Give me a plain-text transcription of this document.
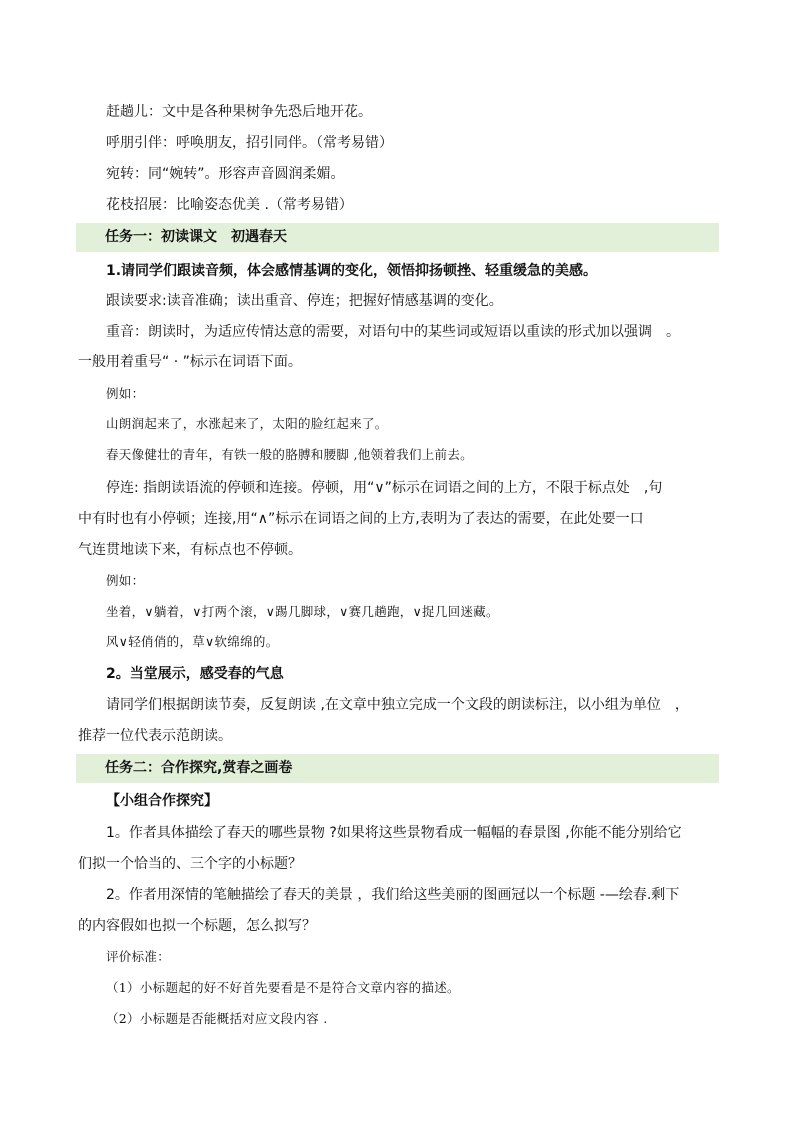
赶趟儿：文中是各种果树争先恐后地开花。
呼朋引伴：呼唤朋友，招引同伴。（常考易错）
宛转：同“婉转”。形容声音圆润柔媚。
花枝招展：比喻姿态优美 .（常考易错）
任务一：初读课文　初遇春天
1.请同学们跟读音频，体会感情基调的变化，领悟抑扬顿挫、轻重缓急的美感。
跟读要求:读音准确；读出重音、停连；把握好情感基调的变化。
重音：朗读时，为适应传情达意的需要，对语句中的某些词或短语以重读的形式加以强调　。
一般用着重号“ · ”标示在词语下面。
例如：
山朗润起来了，水涨起来了，太阳的脸红起来了。
春天像健壮的青年，有铁一般的胳膊和腰脚 ,他领着我们上前去。
停连: 指朗读语流的停顿和连接。停顿，用“∨”标示在词语之间的上方，不限于标点处　,句
中有时也有小停顿；连接,用“∧”标示在词语之间的上方,表明为了表达的需要，在此处要一口
气连贯地读下来，有标点也不停顿。
例如：
坐着，∨躺着，∨打两个滚，∨踢几脚球，∨赛几趟跑，∨捉几回迷藏。
风∨轻俏俏的，草∨软绵绵的。
2。当堂展示，感受春的气息
请同学们根据朗读节奏，反复朗读 ,在文章中独立完成一个文段的朗读标注，以小组为单位　，
推荐一位代表示范朗读。
任务二：合作探究,赏春之画卷
【小组合作探究】
1。作者具体描绘了春天的哪些景物 ?如果将这些景物看成一幅幅的春景图 ,你能不能分别给它
们拟一个恰当的、三个字的小标题？
2。作者用深情的笔触描绘了春天的美景 ，我们给这些美丽的图画冠以一个标题 -—绘春.剩下
的内容假如也拟一个标题，怎么拟写？
评价标准：
（1）小标题起的好不好首先要看是不是符合文章内容的描述。
（2）小标题是否能概括对应文段内容 .
